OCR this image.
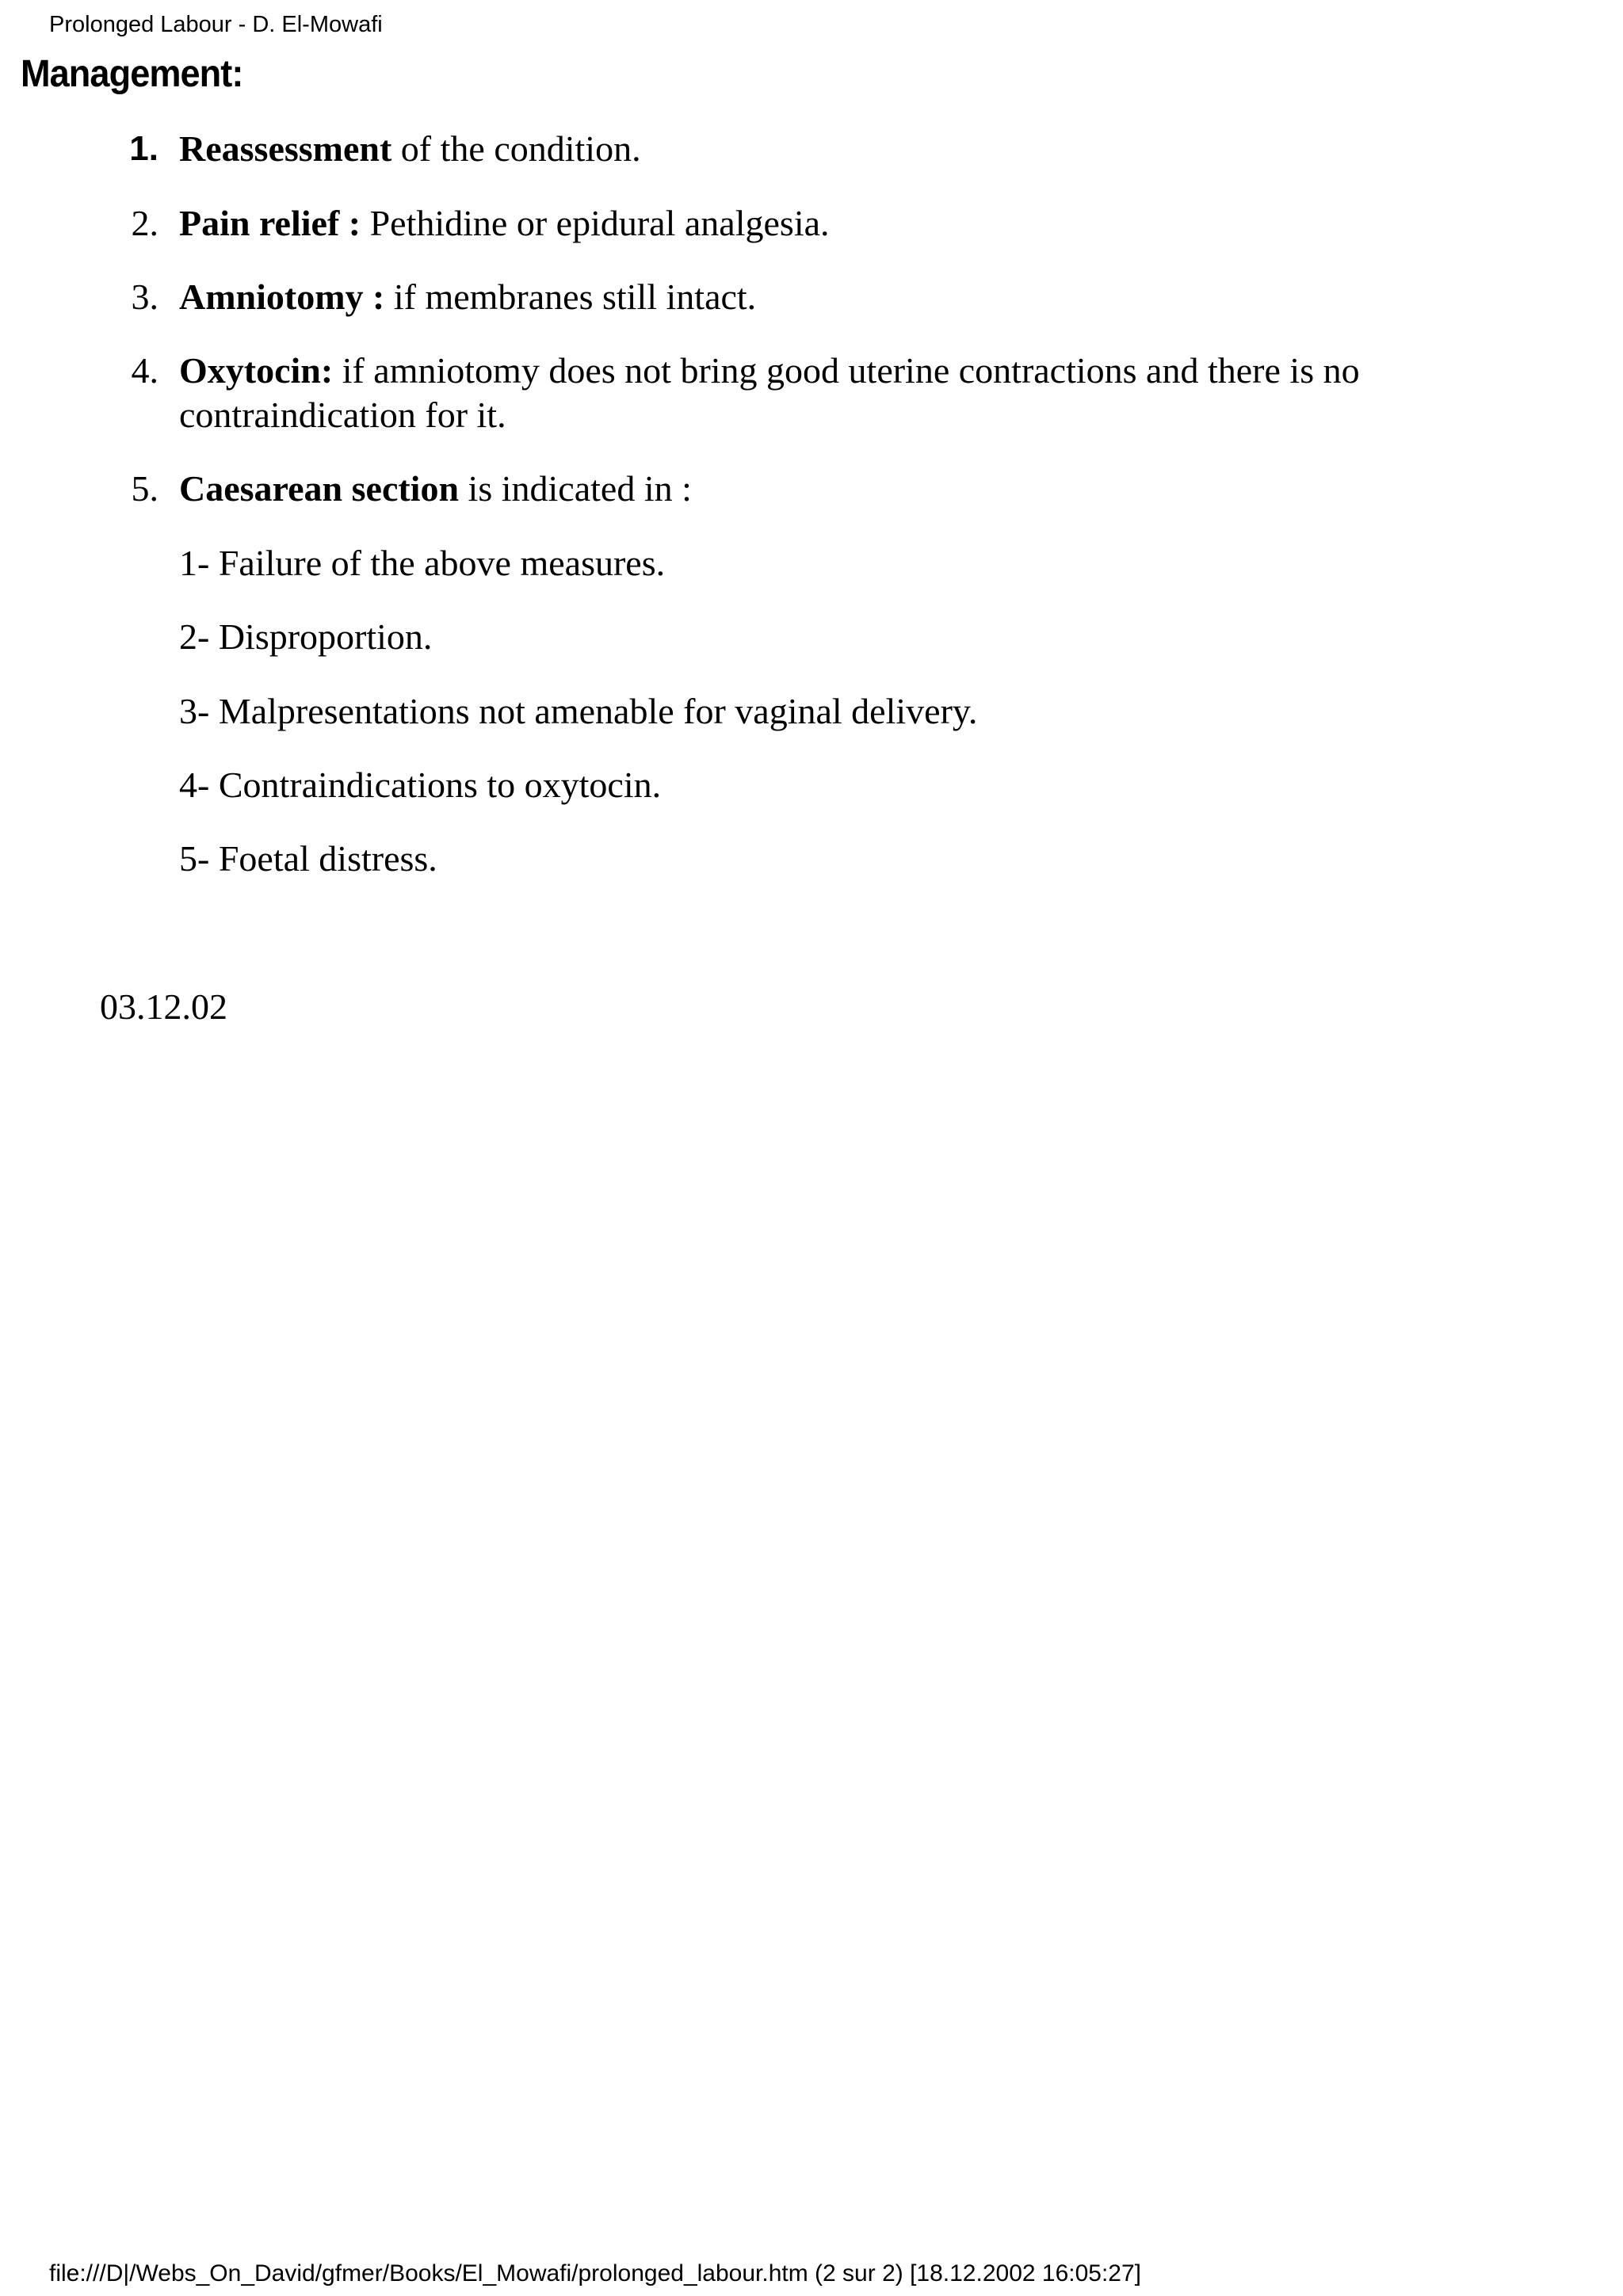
Prolonged Labour - D. El-Mowafi
Management:
1. Reassessment of the condition.
2. Pain relief : Pethidine or epidural analgesia.
3. Amniotomy : if membranes still intact.
4. Oxytocin: if amniotomy does not bring good uterine contractions and there is no contraindication for it.
5. Caesarean section is indicated in :
1- Failure of the above measures.
2- Disproportion.
3- Malpresentations not amenable for vaginal delivery.
4- Contraindications to oxytocin.
5- Foetal distress.
03.12.02
file:///D|/Webs_On_David/gfmer/Books/El_Mowafi/prolonged_labour.htm (2 sur 2) [18.12.2002 16:05:27]
